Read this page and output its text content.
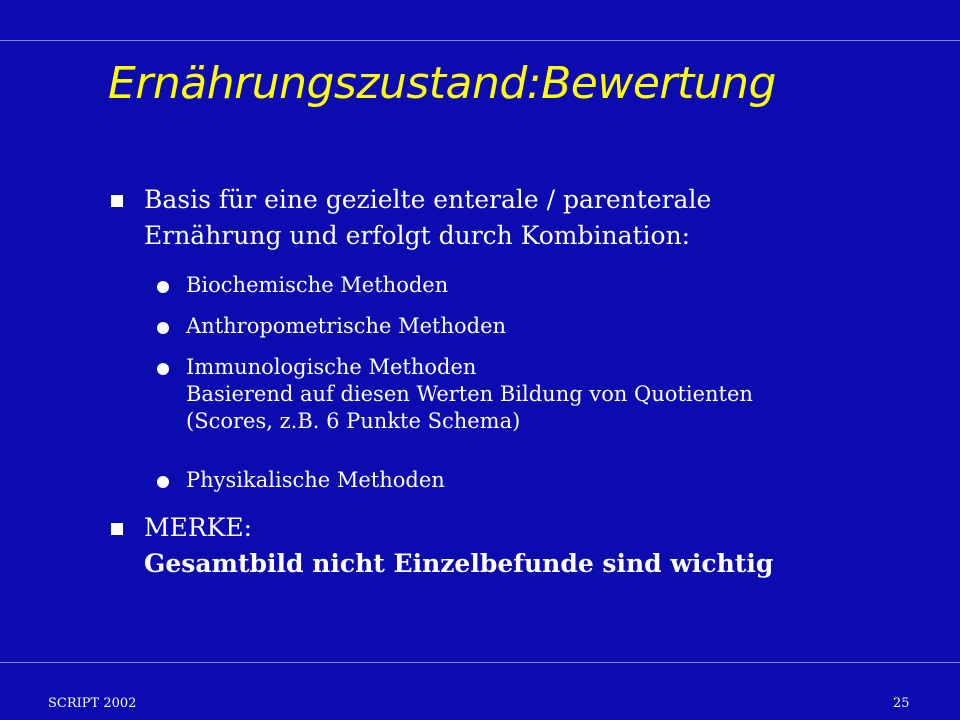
Ernährungszustand:Bewertung
Basis für eine gezielte enterale / parenterale
Ernährung und erfolgt durch Kombination:
Biochemische Methoden
Anthropometrische Methoden
Immunologische Methoden
Basierend auf diesen Werten Bildung von Quotienten
(Scores, z.B. 6 Punkte Schema)
Physikalische Methoden
MERKE:
Gesamtbild nicht Einzelbefunde sind wichtig
SCRIPT 2002	25
